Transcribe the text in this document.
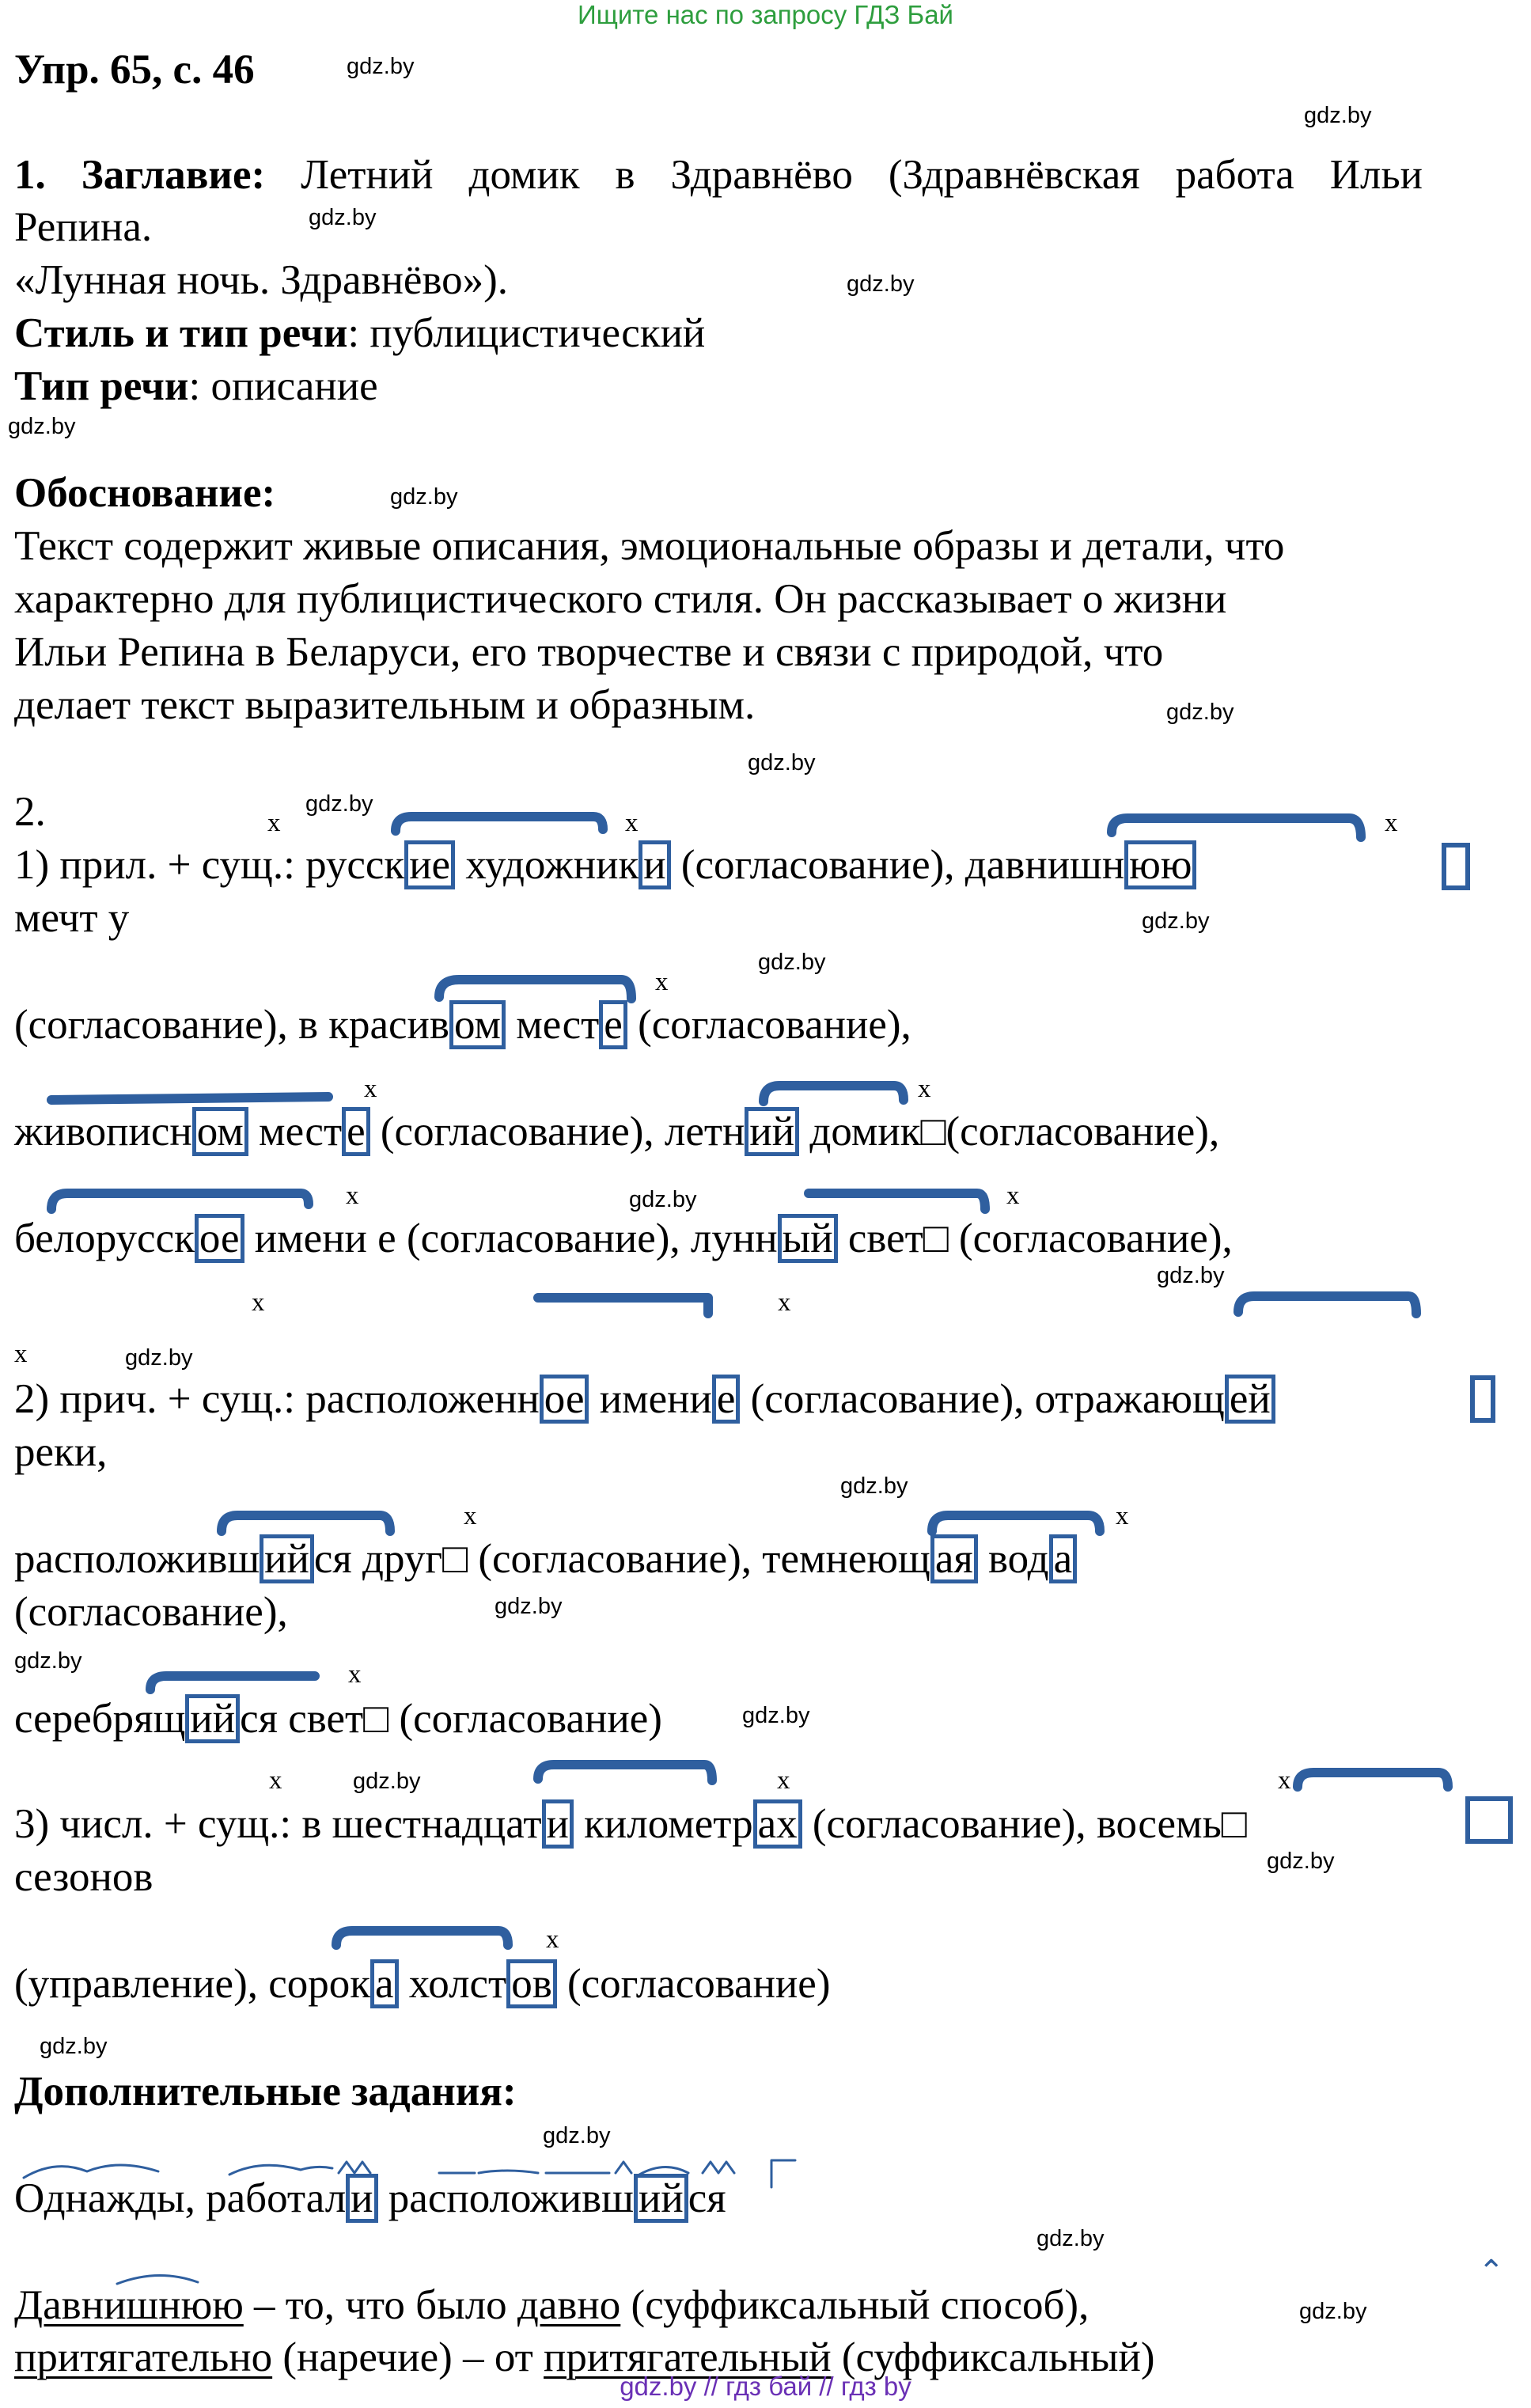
Ищите нас по запросу ГДЗ Бай
gdz.by
gdz.by
gdz.by
gdz.by
gdz.by
gdz.by
gdz.by
gdz.by
gdz.by
gdz.by
gdz.by
gdz.by
gdz.by
gdz.by
gdz.by
gdz.by
gdz.by
gdz.by
gdz.by
gdz.by
gdz.by
gdz.by
gdz.by
gdz.by
Упр. 65, с. 46
1. Заглавие: Летний домик в Здравнёво (Здравнёвская работа Ильи
Репина.
«Лунная ночь. Здравнёво»).
Стиль и тип речи: публицистический
Тип речи: описание
Обоснование:
Текст содержит живые описания, эмоциональные образы и детали, что
характерно для публицистического стиля. Он рассказывает о жизни
Ильи Репина в Беларуси, его творчестве и связи с природой, что
делает текст выразительным и образным.
2.	x	x	x
x
x	x
x	x
x	x
x
x	x
x
x	x	x
x
1) прил. + сущ.: русск ие художник и (согласование), давнишн юю
мечт у
(согласование), в красив ом мест е (согласование),
живописн ом мест е (согласование), летн ий домик□(согласование),
белорусск ое имени е (согласование), лунн ый свет□ (согласование),
2) прич. + сущ.: расположенн ое имени е (согласование), отражающ ей
реки,
расположивш ий ся друг□ (согласование), темнеющ ая вод а
(согласование),
серебрящ ий ся свет□ (согласование)
3) числ. + сущ.: в шестнадцат и километр ах (согласование), восемь□
сезонов
(управление), сорок а холст ов (согласование)
Дополнительные задания:
Однажды, работал и расположивш ий ся
Давнишнюю – то, что было давно (суффиксальный способ),
притягательно (наречие) – от притягательный (суффиксальный)
⌃
gdz.by // гдз бай // гдз by
